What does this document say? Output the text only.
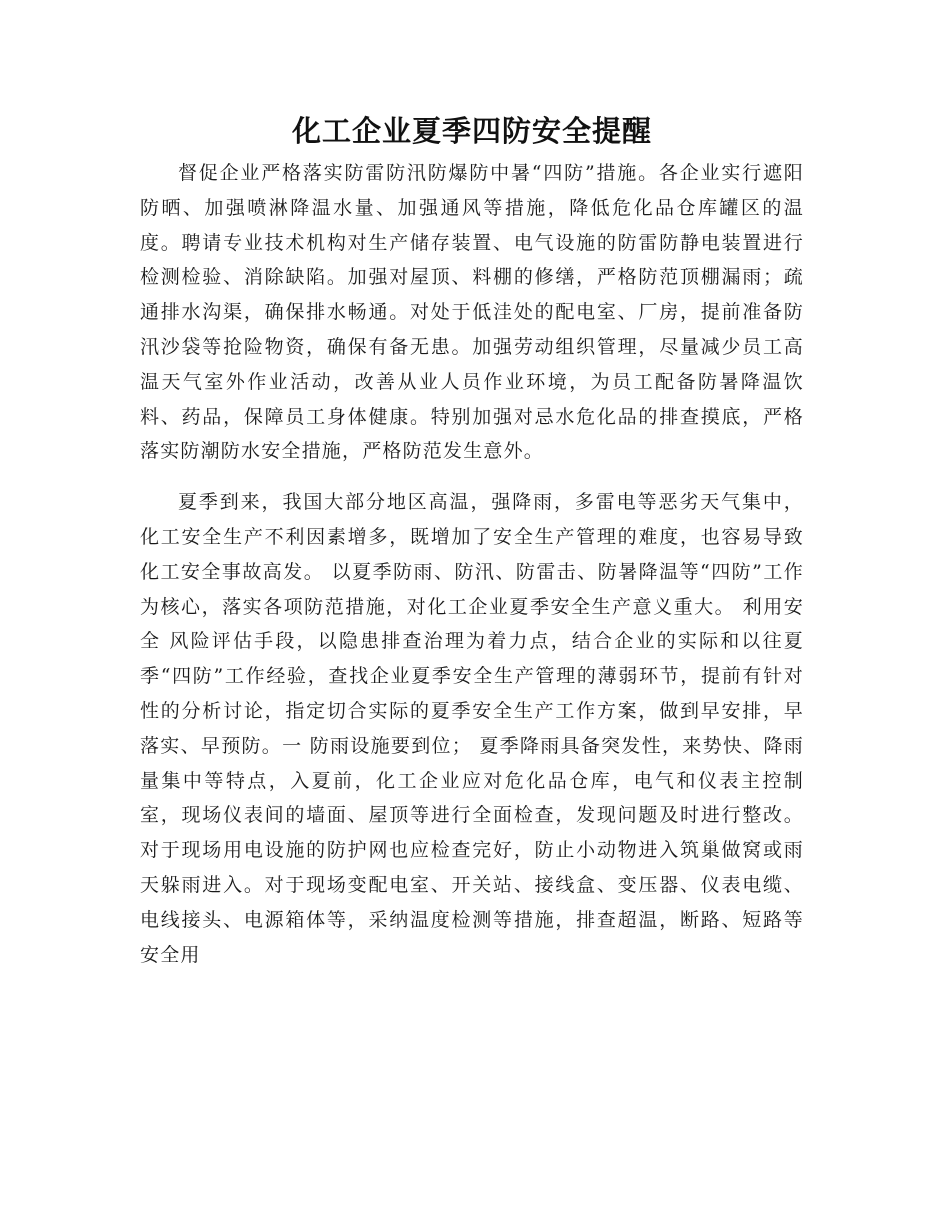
化工企业夏季四防安全提醒

督促企业严格落实防雷防汛防爆防中暑“四防”措施。各企业实行遮阳防晒、加强喷淋降温水量、加强通风等措施，降低危化品仓库罐区的温度。聘请专业技术机构对生产储存装置、电气设施的防雷防静电装置进行检测检验、消除缺陷。加强对屋顶、料棚的修缮，严格防范顶棚漏雨；疏通排水沟渠，确保排水畅通。对处于低洼处的配电室、厂房，提前准备防汛沙袋等抢险物资，确保有备无患。加强劳动组织管理，尽量减少员工高温天气室外作业活动，改善从业人员作业环境，为员工配备防暑降温饮料、药品，保障员工身体健康。特别加强对忌水危化品的排查摸底，严格落实防潮防水安全措施，严格防范发生意外。

夏季到来，我国大部分地区高温，强降雨，多雷电等恶劣天气集中，化工安全生产不利因素增多，既增加了安全生产管理的难度，也容易导致化工安全事故高发。 以夏季防雨、防汛、防雷击、防暑降温等“四防”工作为核心，落实各项防范措施，对化工企业夏季安全生产意义重大。 利用安全 风险评估手段，以隐患排查治理为着力点，结合企业的实际和以往夏季“四防”工作经验，查找企业夏季安全生产管理的薄弱环节，提前有针对性的分析讨论，指定切合实际的夏季安全生产工作方案，做到早安排，早落实、早预防。一 防雨设施要到位； 夏季降雨具备突发性，来势快、降雨量集中等特点，入夏前，化工企业应对危化品仓库，电气和仪表主控制室，现场仪表间的墙面、屋顶等进行全面检查，发现问题及时进行整改。 对于现场用电设施的防护网也应检查完好，防止小动物进入筑巢做窝或雨天躲雨进入。对于现场变配电室、开关站、接线盒、变压器、仪表电缆、电线接头、电源箱体等，采纳温度检测等措施，排查超温，断路、短路等安全用
